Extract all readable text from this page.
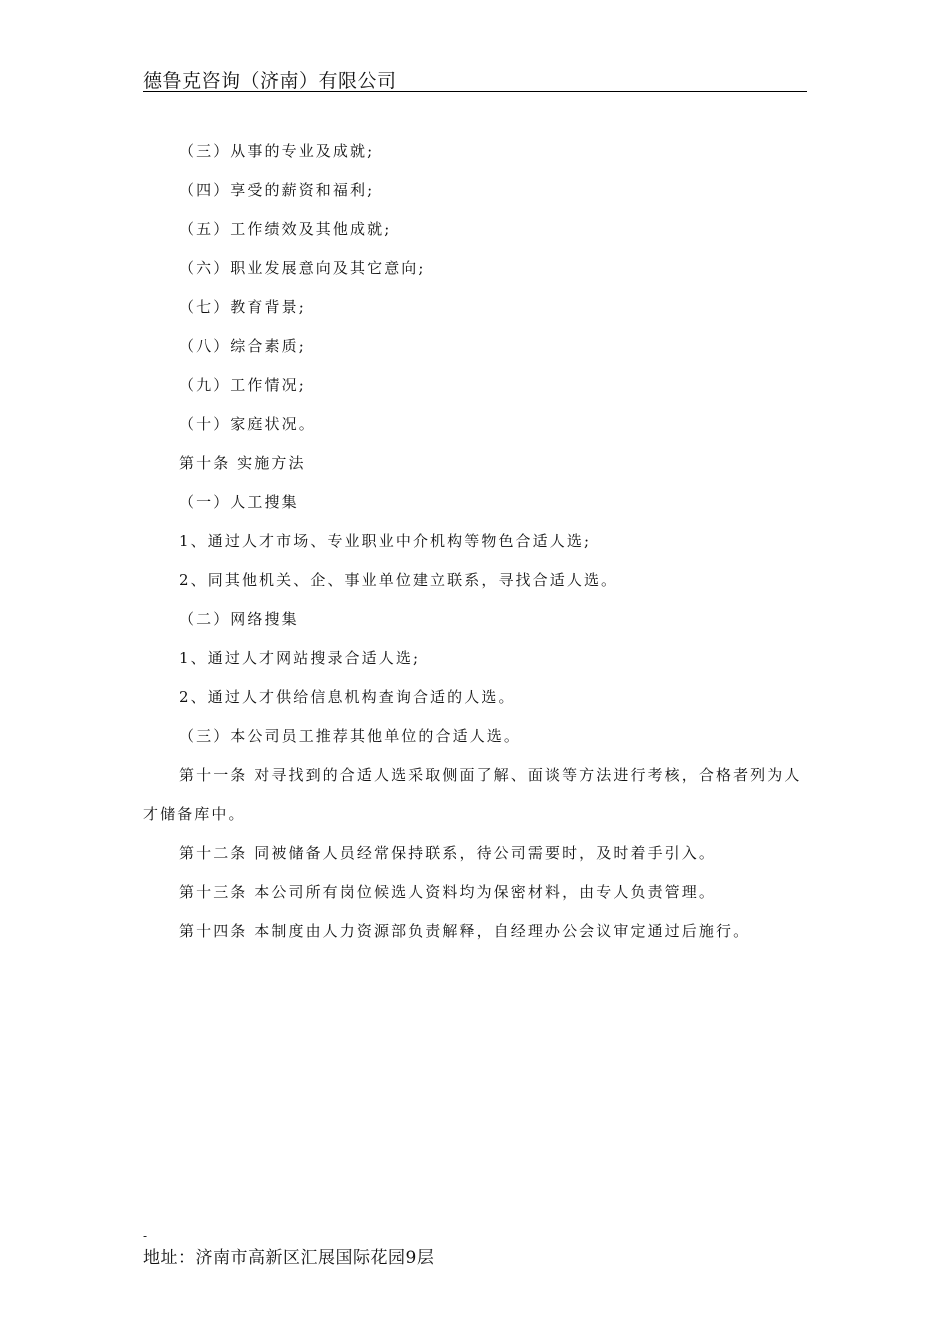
德鲁克咨询（济南）有限公司

（三）从事的专业及成就;

（四）享受的薪资和福利;

（五）工作绩效及其他成就;

（六）职业发展意向及其它意向;

（七）教育背景;

（八）综合素质;

（九）工作情况;

（十）家庭状况。

第十条 实施方法

（一）人工搜集

1、通过人才市场、专业职业中介机构等物色合适人选;

2、同其他机关、企、事业单位建立联系，寻找合适人选。

（二）网络搜集

1、通过人才网站搜录合适人选;

2、通过人才供给信息机构查询合适的人选。

（三）本公司员工推荐其他单位的合适人选。

第十一条 对寻找到的合适人选采取侧面了解、面谈等方法进行考核，合格者列为人才储备库中。

第十二条 同被储备人员经常保持联系，待公司需要时，及时着手引入。

第十三条 本公司所有岗位候选人资料均为保密材料，由专人负责管理。

第十四条 本制度由人力资源部负责解释，自经理办公会议审定通过后施行。

-
地址：济南市高新区汇展国际花园9层
